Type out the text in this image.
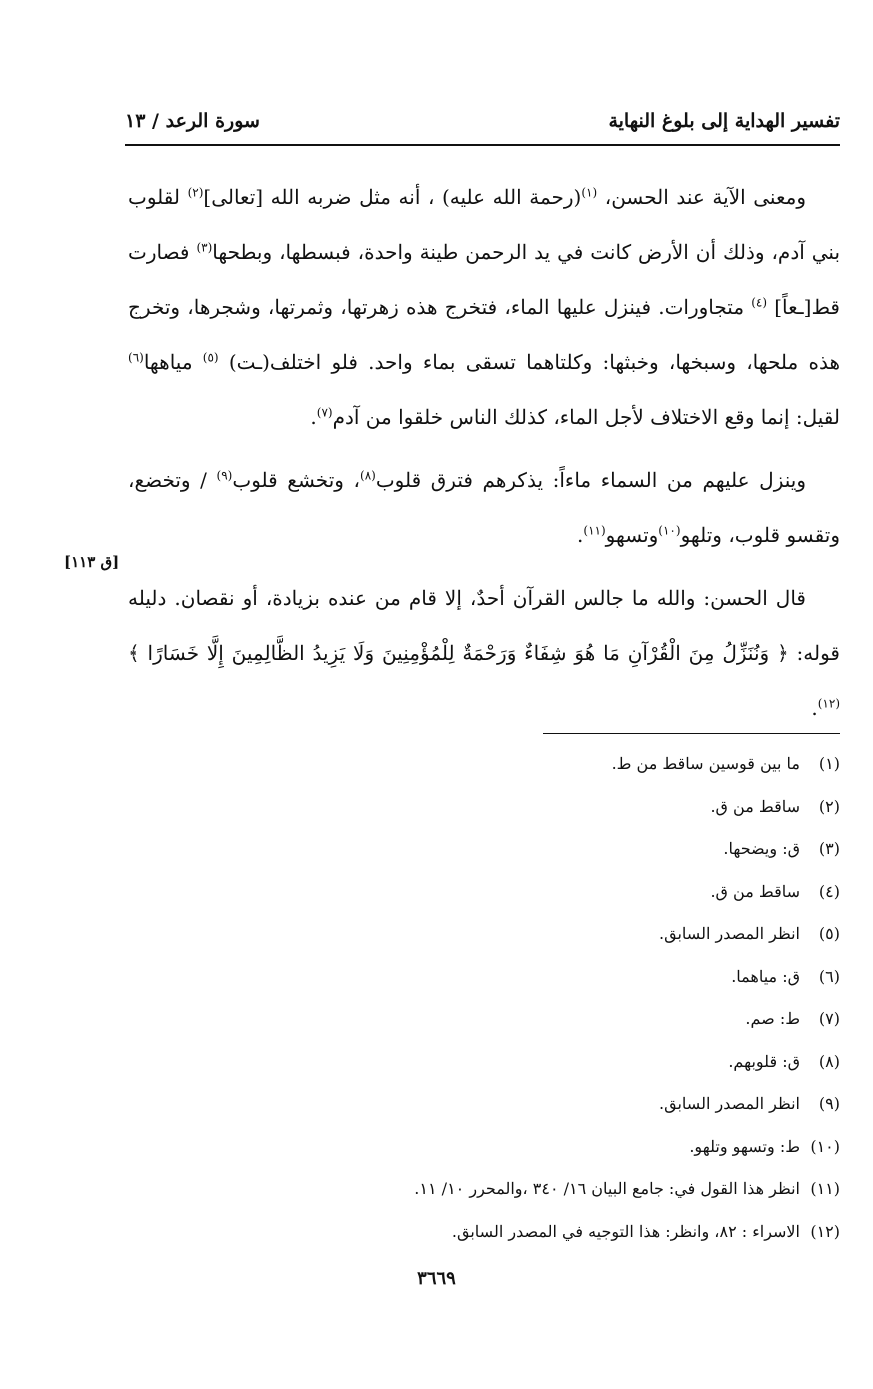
تفسير الهداية إلى بلوغ النهاية
سورة الرعد / ١٣

ومعنى الآية عند الحسن، $^{(١)}$(رحمة الله عليه) ، أنه مثل ضربه الله [تعالى]$^{(٢)}$ لقلوب بني آدم، وذلك أن الأرض كانت في يد الرحمن طينة واحدة، فبسطها، وبطحها$^{(٣)}$ فصارت قط[ـعاً] $^{(٤)}$ متجاورات. فينزل عليها الماء، فتخرج هذه زهرتها، وثمرتها، وشجرها، وتخرج هذه ملحها، وسبخها، وخبثها: وكلتاهما تسقى بماء واحد. فلو اختلف(ـت) $^{(٥)}$ مياهها$^{(٦)}$ لقيل: إنما وقع الاختلاف لأجل الماء، كذلك الناس خلقوا من آدم$^{(٧)}$.

وينزل عليهم من السماء ماءاً: يذكرهم فترق قلوب$^{(٨)}$، وتخشع قلوب$^{(٩)}$ / وتخضع، وتقسو قلوب، وتلهو$^{(١٠)}$وتسهو$^{(١١)}$.

قال الحسن: والله ما جالس القرآن أحدٌ، إلا قام من عنده بزيادة، أو نقصان. دليله قوله: ﴿ وَنُنَزِّلُ مِنَ الْقُرْآنِ مَا هُوَ شِفَاءٌ وَرَحْمَةٌ لِلْمُؤْمِنِينَ وَلَا يَزِيدُ الظَّالِمِينَ إِلَّا خَسَارًا ﴾ $^{(١٢)}$.

[ق ١١٣]
(١)ما بين قوسين ساقط من ط.
(٢)ساقط من ق.
(٣)ق: ويضحها.
(٤)ساقط من ق.
(٥)انظر المصدر السابق.
(٦)ق: مياهما.
(٧)ط: صم.
(٨)ق: قلوبهم.
(٩)انظر المصدر السابق.
(١٠)ط: وتسهو وتلهو.
(١١)انظر هذا القول في: جامع البيان ١٦/ ٣٤٠ ،والمحرر ١٠/ ١١.
(١٢)الاسراء : ٨٢، وانظر: هذا التوجيه في المصدر السابق.
٣٦٦٩
